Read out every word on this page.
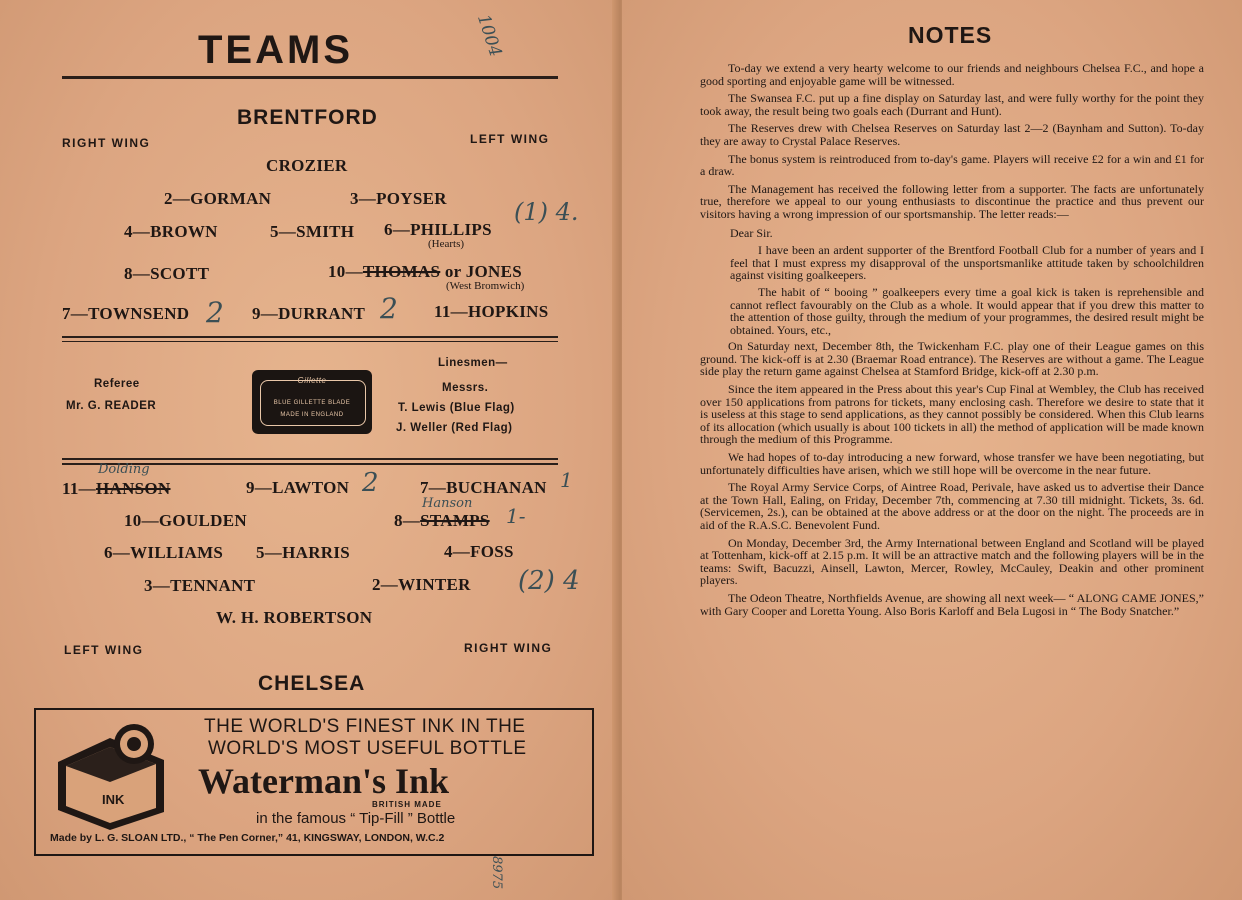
TEAMS	1004
BRENTFORD
RIGHT WING	LEFT WING
CROZIER
2—GORMAN	3—POYSER
4—BROWN	5—SMITH 6—PHILLIPS
(Hearts)
(1) 4.
8—SCOTT	10—THOMAS or JONES
(West Bromwich)
7—TOWNSEND 2 9—DURRANT 2 11—HOPKINS
Referee
Mr. G. READER
Linesmen—
Messrs.
T. Lewis (Blue Flag)
J. Weller (Red Flag)
Gillette
BLUE GILLETTE BLADE
MADE IN ENGLAND
Dolding
11—HANSON	9—LAWTON 2 7—BUCHANAN 1
10—GOULDEN
Hanson
8—STAMPS 1-
6—WILLIAMS 5—HARRIS	4—FOSS
3—TENNANT	2—WINTER (2) 4
W. H. ROBERTSON
LEFT WING	RIGHT WING
CHELSEA
INK
THE WORLD'S FINEST INK IN THE
WORLD'S MOST USEFUL BOTTLE
Waterman's Ink
BRITISH MADE
in the famous “ Tip-Fill ” Bottle
Made by L. G. SLOAN LTD., “ The Pen Corner,” 41, KINGSWAY, LONDON, W.C.2
8975
NOTES

To-day we extend a very hearty welcome to our friends and neighbours Chelsea F.C., and hope a good sporting and enjoyable game will be witnessed.

The Swansea F.C. put up a fine display on Saturday last, and were fully worthy for the point they took away, the result being two goals each (Durrant and Hunt).

The Reserves drew with Chelsea Reserves on Saturday last 2—2 (Baynham and Sutton). To-day they are away to Crystal Palace Reserves.

The bonus system is reintroduced from to-day's game. Players will receive £2 for a win and £1 for a draw.

The Management has received the following letter from a supporter. The facts are unfortunately true, therefore we appeal to our young enthusiasts to discontinue the practice and thus prevent our visitors having a wrong impression of our sportsmanship. The letter reads:—

Dear Sir.

I have been an ardent supporter of the Brentford Football Club for a number of years and I feel that I must express my disapproval of the unsportsmanlike attitude taken by schoolchildren against visiting goalkeepers.

The habit of “ booing ” goalkeepers every time a goal kick is taken is reprehensible and cannot reflect favourably on the Club as a whole. It would appear that if you drew this matter to the attention of those guilty, through the medium of your programmes, the desired result might be obtained. Yours, etc.,

On Saturday next, December 8th, the Twickenham F.C. play one of their League games on this ground. The kick-off is at 2.30 (Braemar Road entrance). The Reserves are without a game. The League side play the return game against Chelsea at Stamford Bridge, kick-off at 2.30 p.m.

Since the item appeared in the Press about this year's Cup Final at Wembley, the Club has received over 150 applications from patrons for tickets, many enclosing cash. Therefore we desire to state that it is useless at this stage to send applications, as they cannot possibly be considered. When this Club learns of its allocation (which usually is about 100 tickets in all) the method of application will be made known through the medium of this Programme.

We had hopes of to-day introducing a new forward, whose transfer we have been negotiating, but unfortunately difficulties have arisen, which we still hope will be overcome in the near future.

The Royal Army Service Corps, of Aintree Road, Perivale, have asked us to advertise their Dance at the Town Hall, Ealing, on Friday, December 7th, commencing at 7.30 till midnight. Tickets, 3s. 6d. (Servicemen, 2s.), can be obtained at the above address or at the door on the night. The proceeds are in aid of the R.A.S.C. Benevolent Fund.

On Monday, December 3rd, the Army International between England and Scotland will be played at Tottenham, kick-off at 2.15 p.m. It will be an attractive match and the following players will be in the teams: Swift, Bacuzzi, Ainsell, Lawton, Mercer, Rowley, McCauley, Deakin and other prominent players.

The Odeon Theatre, Northfields Avenue, are showing all next week— “ ALONG CAME JONES,” with Gary Cooper and Loretta Young. Also Boris Karloff and Bela Lugosi in “ The Body Snatcher.”
